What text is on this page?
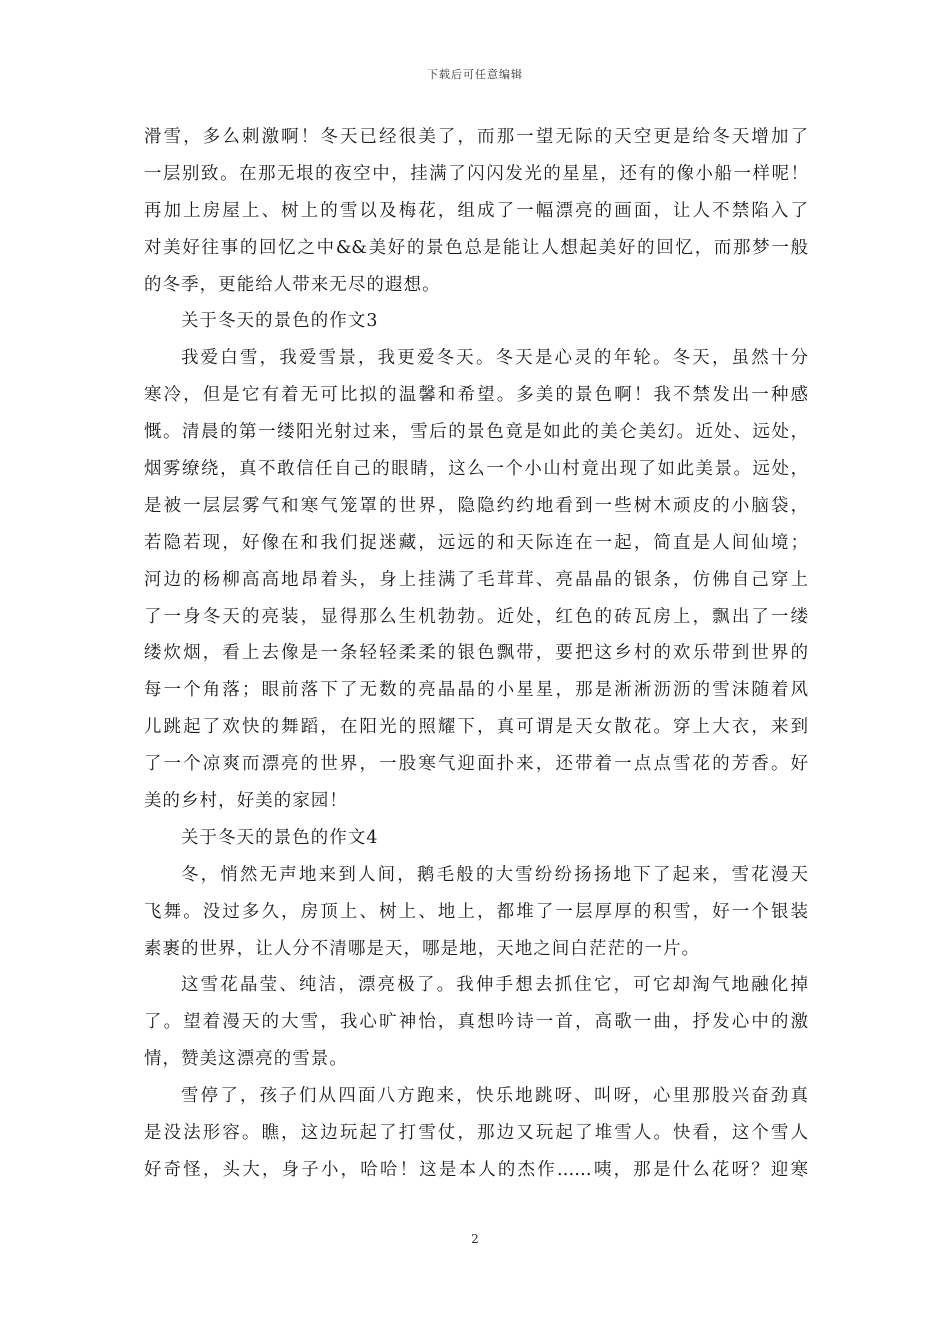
下载后可任意编辑
滑雪，多么刺激啊！冬天已经很美了，而那一望无际的天空更是给冬天增加了
一层别致。在那无垠的夜空中，挂满了闪闪发光的星星，还有的像小船一样呢！
再加上房屋上、树上的雪以及梅花，组成了一幅漂亮的画面，让人不禁陷入了
对美好往事的回忆之中&&美好的景色总是能让人想起美好的回忆，而那梦一般
的冬季，更能给人带来无尽的遐想。
关于冬天的景色的作文3
我爱白雪，我爱雪景，我更爱冬天。冬天是心灵的年轮。冬天，虽然十分
寒冷，但是它有着无可比拟的温馨和希望。多美的景色啊！我不禁发出一种感
慨。清晨的第一缕阳光射过来，雪后的景色竟是如此的美仑美幻。近处、远处，
烟雾缭绕，真不敢信任自己的眼睛，这么一个小山村竟出现了如此美景。远处，
是被一层层雾气和寒气笼罩的世界，隐隐约约地看到一些树木顽皮的小脑袋，
若隐若现，好像在和我们捉迷藏，远远的和天际连在一起，简直是人间仙境；
河边的杨柳高高地昂着头，身上挂满了毛茸茸、亮晶晶的银条，仿佛自己穿上
了一身冬天的亮装，显得那么生机勃勃。近处，红色的砖瓦房上，飘出了一缕
缕炊烟，看上去像是一条轻轻柔柔的银色飘带，要把这乡村的欢乐带到世界的
每一个角落；眼前落下了无数的亮晶晶的小星星，那是淅淅沥沥的雪沫随着风
儿跳起了欢快的舞蹈，在阳光的照耀下，真可谓是天女散花。穿上大衣，来到
了一个凉爽而漂亮的世界，一股寒气迎面扑来，还带着一点点雪花的芳香。好
美的乡村，好美的家园！
关于冬天的景色的作文4
冬，悄然无声地来到人间，鹅毛般的大雪纷纷扬扬地下了起来，雪花漫天
飞舞。没过多久，房顶上、树上、地上，都堆了一层厚厚的积雪，好一个银装
素裹的世界，让人分不清哪是天，哪是地，天地之间白茫茫的一片。
这雪花晶莹、纯洁，漂亮极了。我伸手想去抓住它，可它却淘气地融化掉
了。望着漫天的大雪，我心旷神怡，真想吟诗一首，高歌一曲，抒发心中的激
情，赞美这漂亮的雪景。
雪停了，孩子们从四面八方跑来，快乐地跳呀、叫呀，心里那股兴奋劲真
是没法形容。瞧，这边玩起了打雪仗，那边又玩起了堆雪人。快看，这个雪人
好奇怪，头大，身子小，哈哈！这是本人的杰作……咦，那是什么花呀？迎寒
2
